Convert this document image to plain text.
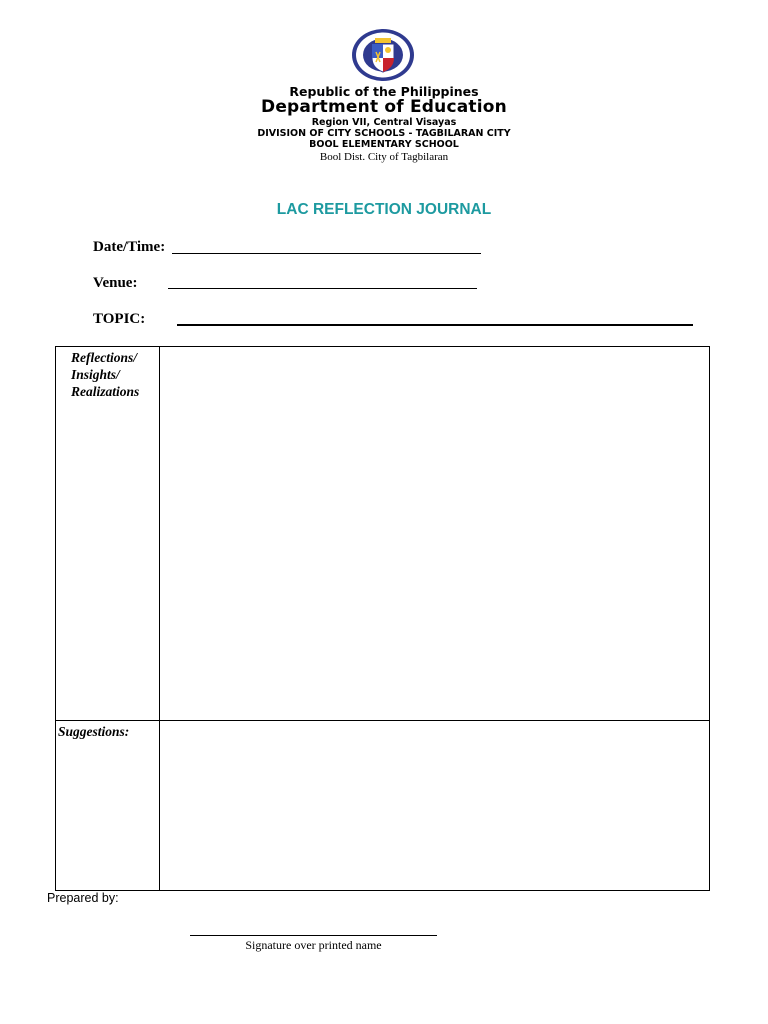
Republic of the Philippines
Department of Education
Region VII, Central Visayas
DIVISION OF CITY SCHOOLS - TAGBILARAN CITY
BOOL ELEMENTARY SCHOOL
Bool Dist. City of Tagbilaran
LAC REFLECTION JOURNAL
Date/Time:
Venue:
TOPIC:
Reflections/
Insights/
Realizations
Suggestions:
Prepared by:
Signature over printed name
